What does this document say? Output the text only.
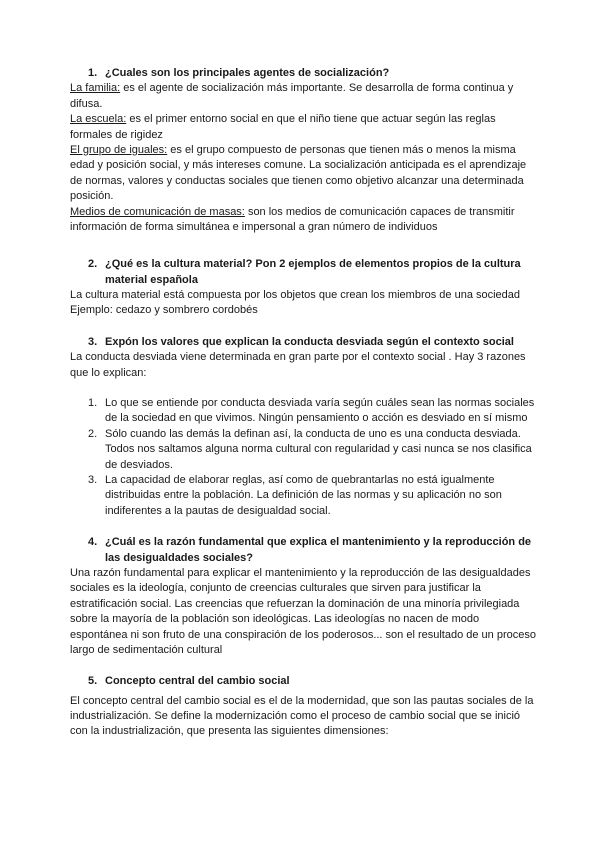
1. ¿Cuales son los principales agentes de socialización?

La familia: es el agente de socialización más importante. Se desarrolla de forma continua y difusa.

La escuela: es el primer entorno social en que el niño tiene que actuar según las reglas formales de rigidez

El grupo de iguales: es el grupo compuesto de personas que tienen más o menos la misma edad y posición social, y más intereses comune. La socialización anticipada es el aprendizaje de normas, valores y conductas sociales que tienen como objetivo alcanzar una determinada posición.

Medios de comunicación de masas: son los medios de comunicación capaces de transmitir información de forma simultánea e impersonal a gran número de individuos

2. ¿Qué es la cultura material? Pon 2 ejemplos de elementos propios de la cultura material española

La cultura material está compuesta por los objetos que crean los miembros de una sociedad

Ejemplo: cedazo y sombrero cordobés

3. Expón los valores que explican la conducta desviada según el contexto social

La conducta desviada viene determinada en gran parte por el contexto social . Hay 3 razones que lo explican:

1. Lo que se entiende por conducta desviada varía según cuáles sean las normas sociales de la sociedad en que vivimos. Ningún pensamiento o acción es desviado en sí mismo
2. Sólo cuando las demás la definan así, la conducta de uno es una conducta desviada. Todos nos saltamos alguna norma cultural con regularidad y casi nunca se nos clasifica de desviados.
3. La capacidad de elaborar reglas, así como de quebrantarlas no está igualmente distribuidas entre la población. La definición de las normas y su aplicación no son indiferentes a la pautas de desigualdad social.
4. ¿Cuál es la razón fundamental que explica el mantenimiento y la reproducción de las desigualdades sociales?

Una razón fundamental para explicar el mantenimiento y la reproducción de las desigualdades sociales es la ideología, conjunto de creencias culturales que sirven para justificar la estratificación social. Las creencias que refuerzan la dominación de una minoría privilegiada sobre la mayoría de la población son ideológicas. Las ideologías no nacen de modo espontánea ni son fruto de una conspiración de los poderosos... son el resultado de un proceso largo de sedimentación cultural

5. Concepto central del cambio social

El concepto central del cambio social es el de la modernidad, que son las pautas sociales de la industrialización. Se define la modernización como el proceso de cambio social que se inició con la industrialización, que presenta las siguientes dimensiones:
